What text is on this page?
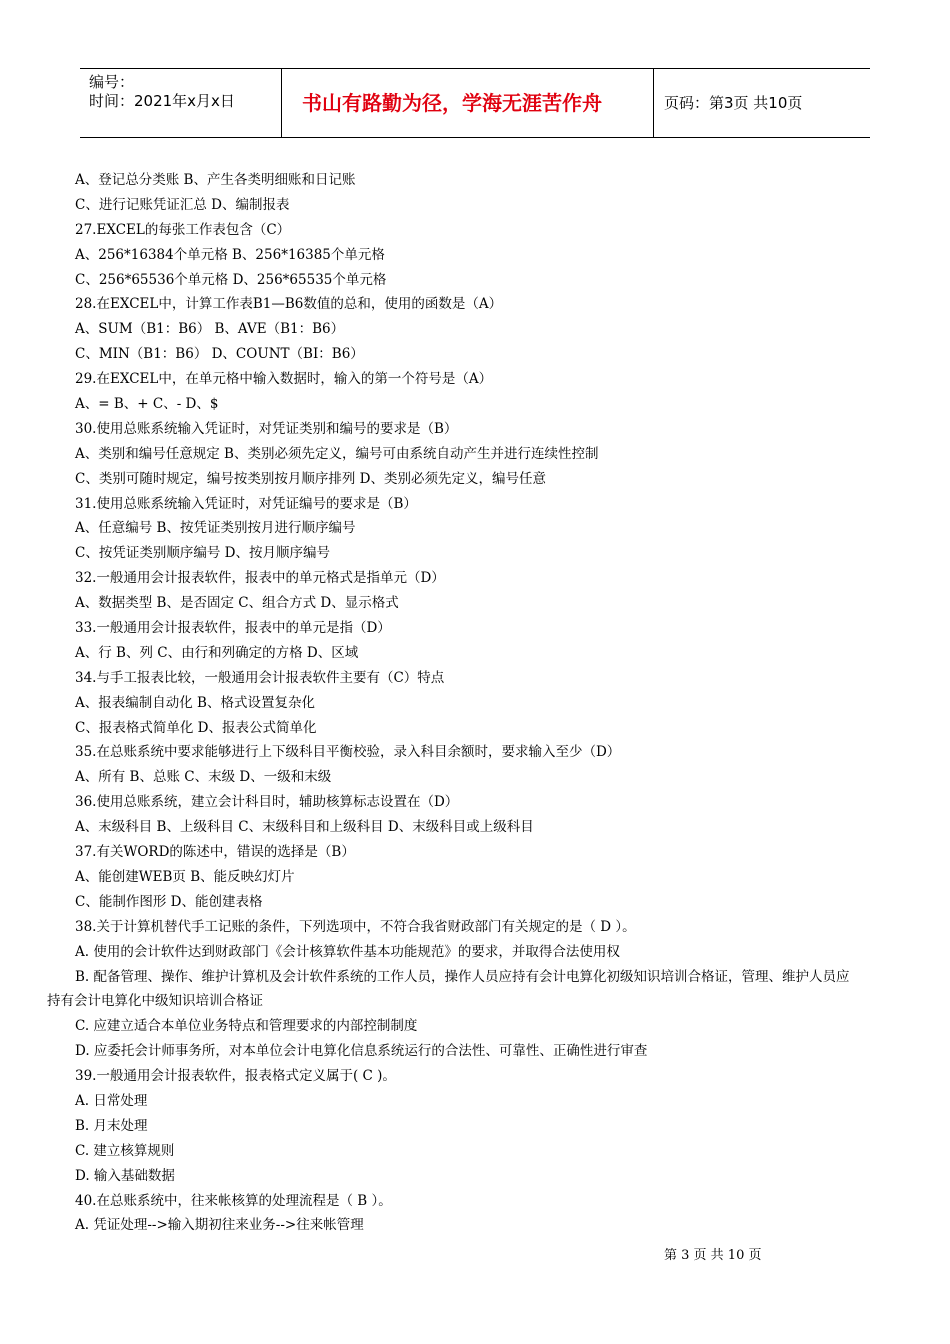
编号：
时间：2021年x月x日	书山有路勤为径，学海无涯苦作舟	页码：第3页 共10页
A、登记总分类账 B、产生各类明细账和日记账
C、进行记账凭证汇总 D、编制报表
27.EXCEL的每张工作表包含（C）
A、256*16384个单元格 B、256*16385个单元格
C、256*65536个单元格 D、256*65535个单元格
28.在EXCEL中，计算工作表B1—B6数值的总和，使用的函数是（A）
A、SUM（B1：B6） B、AVE（B1：B6）
C、MIN（B1：B6） D、COUNT（BI：B6）
29.在EXCEL中，在单元格中输入数据时，输入的第一个符号是（A）
A、= B、+ C、- D、$
30.使用总账系统输入凭证时，对凭证类别和编号的要求是（B）
A、类别和编号任意规定 B、类别必须先定义，编号可由系统自动产生并进行连续性控制
C、类别可随时规定，编号按类别按月顺序排列 D、类别必须先定义，编号任意
31.使用总账系统输入凭证时，对凭证编号的要求是（B）
A、任意编号 B、按凭证类别按月进行顺序编号
C、按凭证类别顺序编号 D、按月顺序编号
32.一般通用会计报表软件，报表中的单元格式是指单元（D）
A、数据类型 B、是否固定 C、组合方式 D、显示格式
33.一般通用会计报表软件，报表中的单元是指（D）
A、行 B、列 C、由行和列确定的方格 D、区域
34.与手工报表比较，一般通用会计报表软件主要有（C）特点
A、报表编制自动化 B、格式设置复杂化
C、报表格式简单化 D、报表公式简单化
35.在总账系统中要求能够进行上下级科目平衡校验，录入科目余额时，要求输入至少（D）
A、所有 B、总账 C、末级 D、一级和末级
36.使用总账系统，建立会计科目时，辅助核算标志设置在（D）
A、末级科目 B、上级科目 C、末级科目和上级科目 D、末级科目或上级科目
37.有关WORD的陈述中，错误的选择是（B）
A、能创建WEB页 B、能反映幻灯片
C、能制作图形 D、能创建表格
38.关于计算机替代手工记账的条件，下列选项中，不符合我省财政部门有关规定的是（ D ）。
A. 使用的会计软件达到财政部门《会计核算软件基本功能规范》的要求，并取得合法使用权
B. 配备管理、操作、维护计算机及会计软件系统的工作人员，操作人员应持有会计电算化初级知识培训合格证，管理、维护人员应
持有会计电算化中级知识培训合格证
C. 应建立适合本单位业务特点和管理要求的内部控制制度
D. 应委托会计师事务所，对本单位会计电算化信息系统运行的合法性、可靠性、正确性进行审查
39.一般通用会计报表软件，报表格式定义属于( C )。
A. 日常处理
B. 月末处理
C. 建立核算规则
D. 输入基础数据
40.在总账系统中，往来帐核算的处理流程是（ B ）。
A. 凭证处理-->输入期初往来业务-->往来帐管理
第 3 页 共 10 页
